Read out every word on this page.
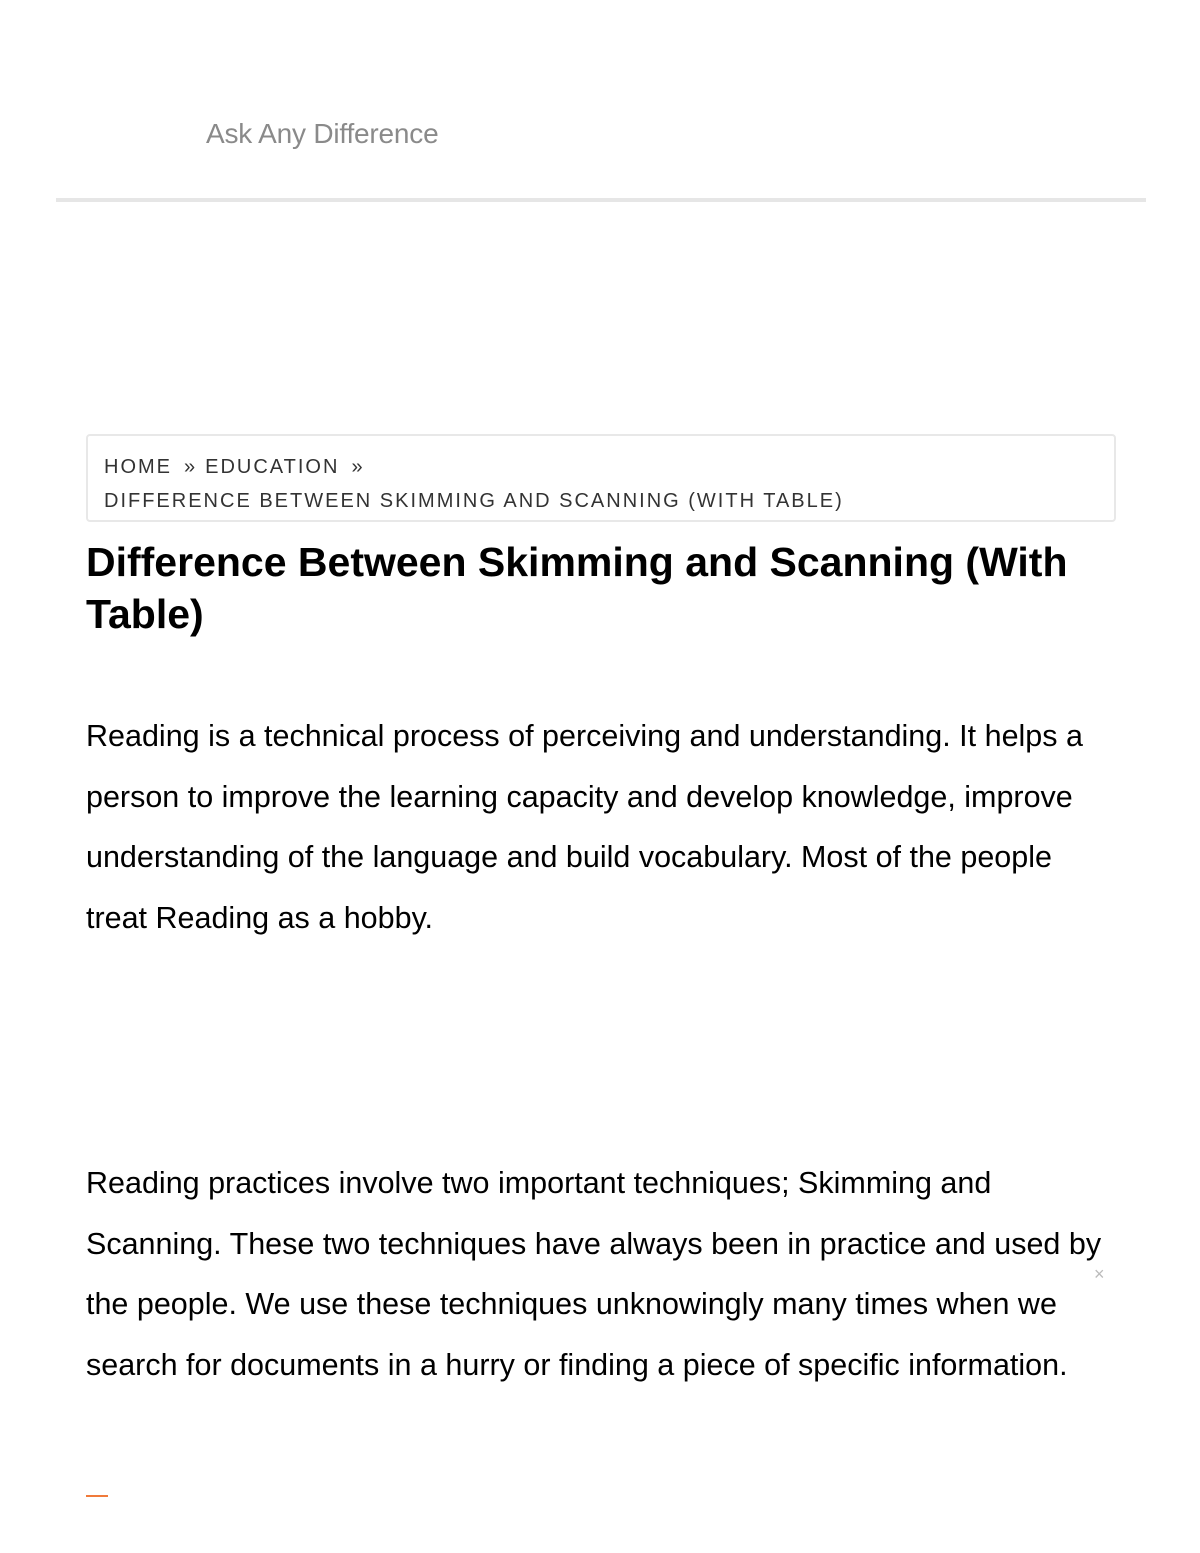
Ask Any Difference
HOME » EDUCATION »
DIFFERENCE BETWEEN SKIMMING AND SCANNING (WITH TABLE)
Difference Between Skimming and Scanning (With Table)

Reading is a technical process of perceiving and understanding. It helps a person to improve the learning capacity and develop knowledge, improve understanding of the language and build vocabulary. Most of the people treat Reading as a hobby.

Reading practices involve two important techniques; Skimming and Scanning. These two techniques have always been in practice and used by the people. We use these techniques unknowingly many times when we search for documents in a hurry or finding a piece of specific information.

×
